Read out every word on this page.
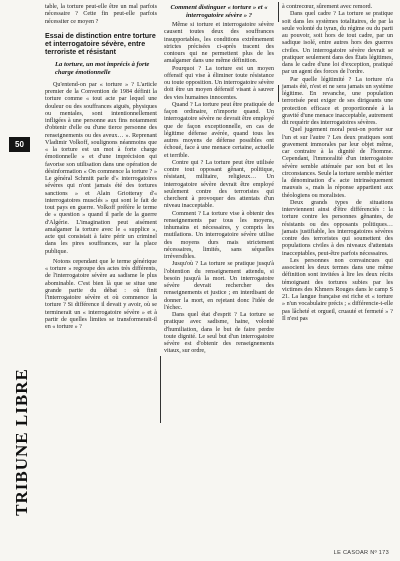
50
TRIBUNE LIBRE

table, la torture peut-elle être un mal parfois nécessaire ? Cette fin peut-elle parfois nécessiter ce moyen ?

Essai de distinction entre torture et interrogatoire sévère, entre terroriste et résistant
La torture, un mot imprécis à forte charge émotionnelle

Qu'entend-on par « torture » ? L'article premier de la Convention de 1984 définit la torture comme « tout acte par lequel une douleur ou des souffrances aiguës, physiques ou mentales, sont intentionnellement infligées à une personne aux fins notamment d'obtenir d'elle ou d'une tierce personne des renseignements ou des aveux… ». Reprenant Vladimir Volkoff, soulignons néanmoins que « la torture est un mot à forte charge émotionnelle » et d'une imprécision qui favorise son utilisation dans une opération de désinformation « On commence la torture ? » Le général Schmitt parle d'« interrogatoires sévères qui n'ont jamais été des tortures sanctions » et Alain Griotteray d'« interrogatoires musclés » qui sont le fait de tout pays en guerre. Volkoff préfère le terme de « question » quand il parle de la guerre d'Algérie. L'imagination peut aisément amalgamer la torture avec le « supplice », acte qui consistait à faire périr un criminel dans les pires souffrances, sur la place publique.

Notons cependant que le terme générique « torture » regroupe des actes très différents, de l'interrogatoire sévère au sadisme le plus abominable. C'est bien là que se situe une grande partie du débat : où finit l'interrogatoire sévère et où commence la torture ? Si différence il devait y avoir, où se terminerait un « interrogatoire sévère » et à partir de quelles limites se transformerait-il en « torture » ?

Comment distinguer « torture » et « interrogatoire sévère » ?

Même si torture et interrogatoire sévère causent toutes deux des souffrances insupportables, les conditions extrêmement strictes précisées ci-après tracent des contours qui ne permettent plus de les amalgamer dans une même définition.

Pourquoi ? La torture est un moyen offensif qui vise à éliminer toute résistance ou toute opposition. Un interrogatoire sévère doit être un moyen défensif visant à sauver des vies humaines innocentes.

Quand ? La torture peut être pratiquée de façon ordinaire, n'importe quand. Un interrogatoire sévère ne devrait être employé que de façon exceptionnelle, en cas de légitime défense avérée, quand tous les autres moyens de défense possibles ont échoué, face à une menace certaine, actuelle et terrible.

Contre qui ? La torture peut être utilisée contre tout opposant gênant, politique, résistant, militaire, religieux… Un interrogatoire sévère devrait être employé seulement contre des terroristes qui cherchent à provoquer des attentats d'un niveau inacceptable.

Comment ? La torture vise à obtenir des renseignements par tous les moyens, inhumains et nécessaires, y compris les mutilations. Un interrogatoire sévère utilise des moyens durs mais strictement nécessaires, limités, sans séquelles irréversibles.

Jusqu'où ? La torture se pratique jusqu'à l'obtention du renseignement attendu, si besoin jusqu'à la mort. Un interrogatoire sévère devrait rechercher des renseignements et justice ; en interdisant de donner la mort, en rejetant donc l'idée de l'échec.

Dans quel état d'esprit ? La torture se pratique avec sadisme, haine, volonté d'humiliation, dans le but de faire perdre toute dignité. Le seul but d'un interrogatoire sévère est d'obtenir des renseignements vitaux, sur ordre,

à contrecœur, sûrement avec remord.

Dans quel cadre ? La torture se pratique soit dans les systèmes totalitaires, de par la seule volonté du tyran, du régime ou du parti au pouvoir, soit hors de tout cadre, par un sadique isolé, entre autres hors des guerres civiles. Un interrogatoire sévère devrait se pratiquer seulement dans des États légitimes, dans le cadre d'une loi d'exception, pratiqué par un agent des forces de l'ordre.

Par quelle légitimité ? La torture n'a jamais été, n'est et ne sera jamais un système légitime. En revanche, une population terrorisée peut exiger de ses dirigeants une protection efficace et proportionnée à la gravité d'une menace inacceptable, autrement dit requérir des interrogatoires sévères.

Quel jugement moral peut-on porter sur l'un et sur l'autre ? Les deux pratiques sont gravement immorales par leur objet même, car contraire à la dignité de l'homme. Cependant, l'immoralité d'un interrogatoire sévère semble atténuée par son but et les circonstances. Seule la torture semble mériter la dénomination d'« acte intrinsèquement mauvais », mais la réponse appartient aux théologiens ou moralistes.

Deux grands types de situations interviennent ainsi d'être différenciés : la torture contre les personnes gênantes, de résistants ou des opposants politiques… jamais justifiable, les interrogatoires sévères contre des terroristes qui soumettent des populations civiles à des niveaux d'attentats inacceptables, peut-être parfois nécessaires.

Les personnes non convaincues qui associent les deux termes dans une même définition sont invitées à lire les deux récits témoignant des tortures subies par les victimes des Khmers Rouges dans le camp S 21. La langue française est riche et « torture » n'un vocabulaire précis ; « différencie-t-elle pas lâcheté et orgueil, cruauté et fermeté » ? Il n'est pas

LE CASOAR Nº 173
